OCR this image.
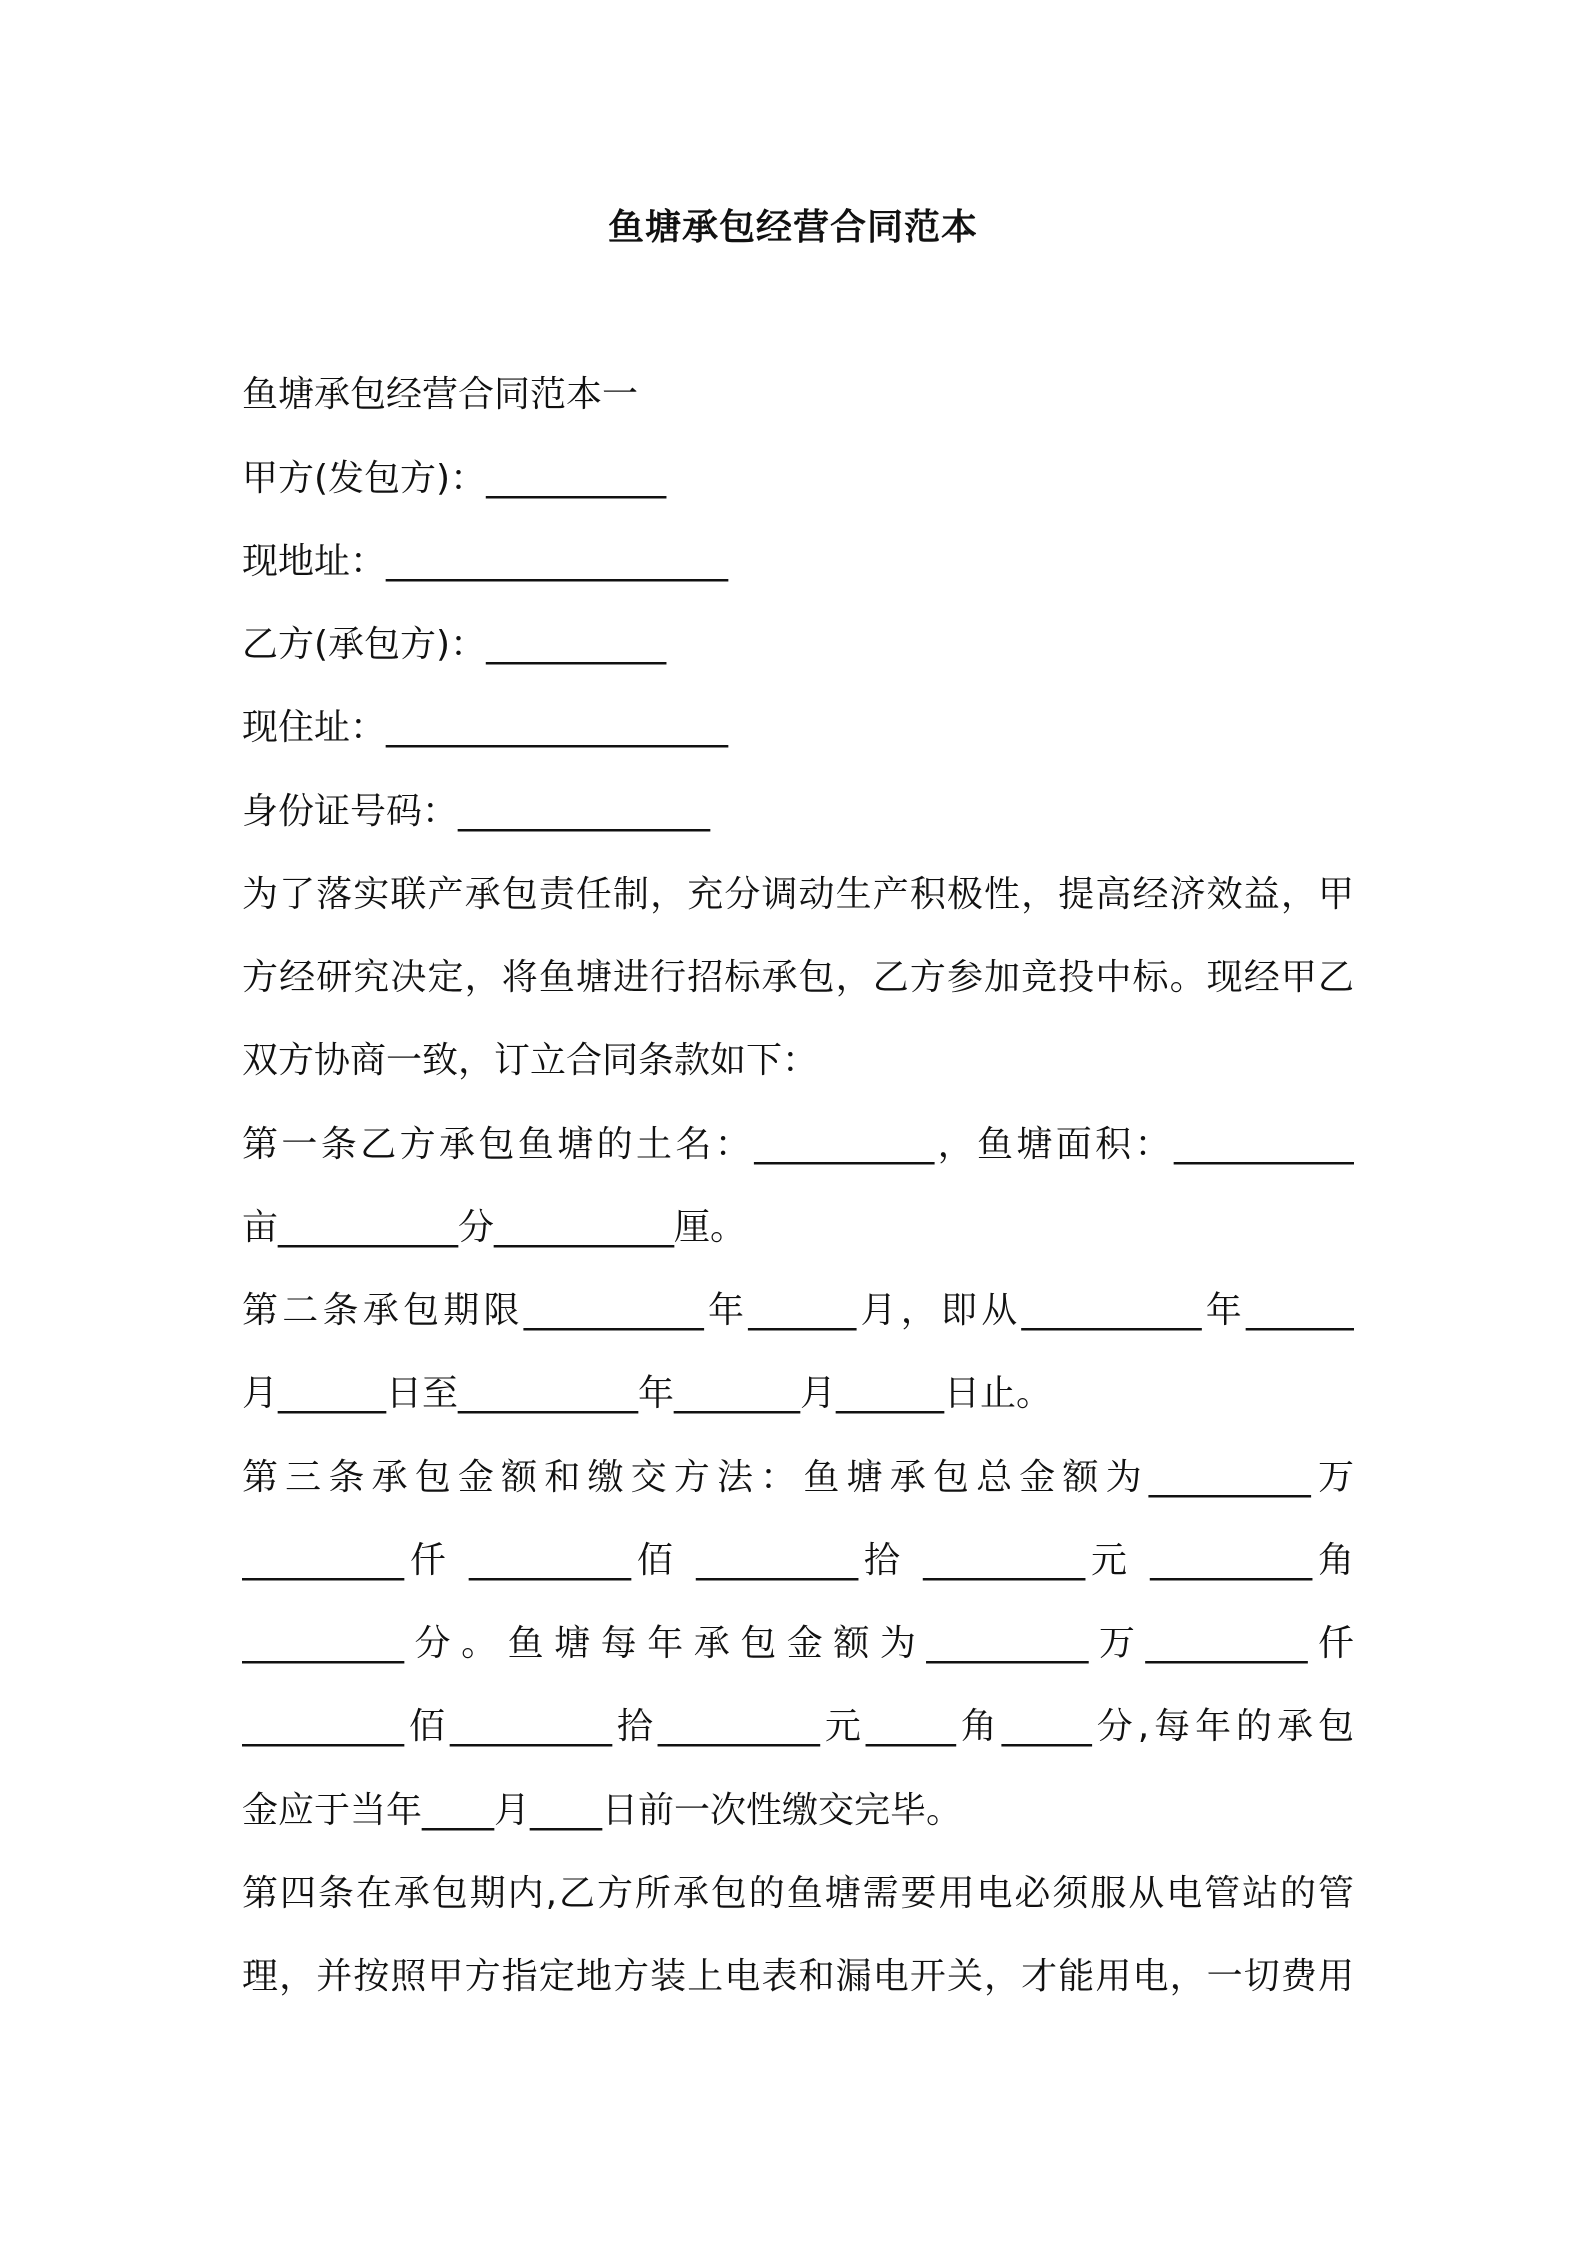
鱼塘承包经营合同范本
鱼塘承包经营合同范本一
甲方(发包方)：__________
现地址：___________________
乙方(承包方)：__________
现住址：___________________
身份证号码：______________
为了落实联产承包责任制，充分调动生产积极性，提高经济效益，甲
方经研究决定，将鱼塘进行招标承包，乙方参加竞投中标。现经甲乙
双方协商一致，订立合同条款如下：
第一条乙方承包鱼塘的土名：__________，鱼塘面积：__________
亩__________分__________厘。
第二条承包期限__________年______月，即从__________年______
月______日至__________年_______月______日止。
第三条承包金额和缴交方法：鱼塘承包总金额为_________万
_________仟 _________佰 _________拾 _________元 _________角
_________分。鱼塘每年承包金额为_________万_________仟
_________佰_________拾_________元_____角_____分,每年的承包
金应于当年____月____日前一次性缴交完毕。
第四条在承包期内,乙方所承包的鱼塘需要用电必须服从电管站的管
理，并按照甲方指定地方装上电表和漏电开关，才能用电，一切费用
